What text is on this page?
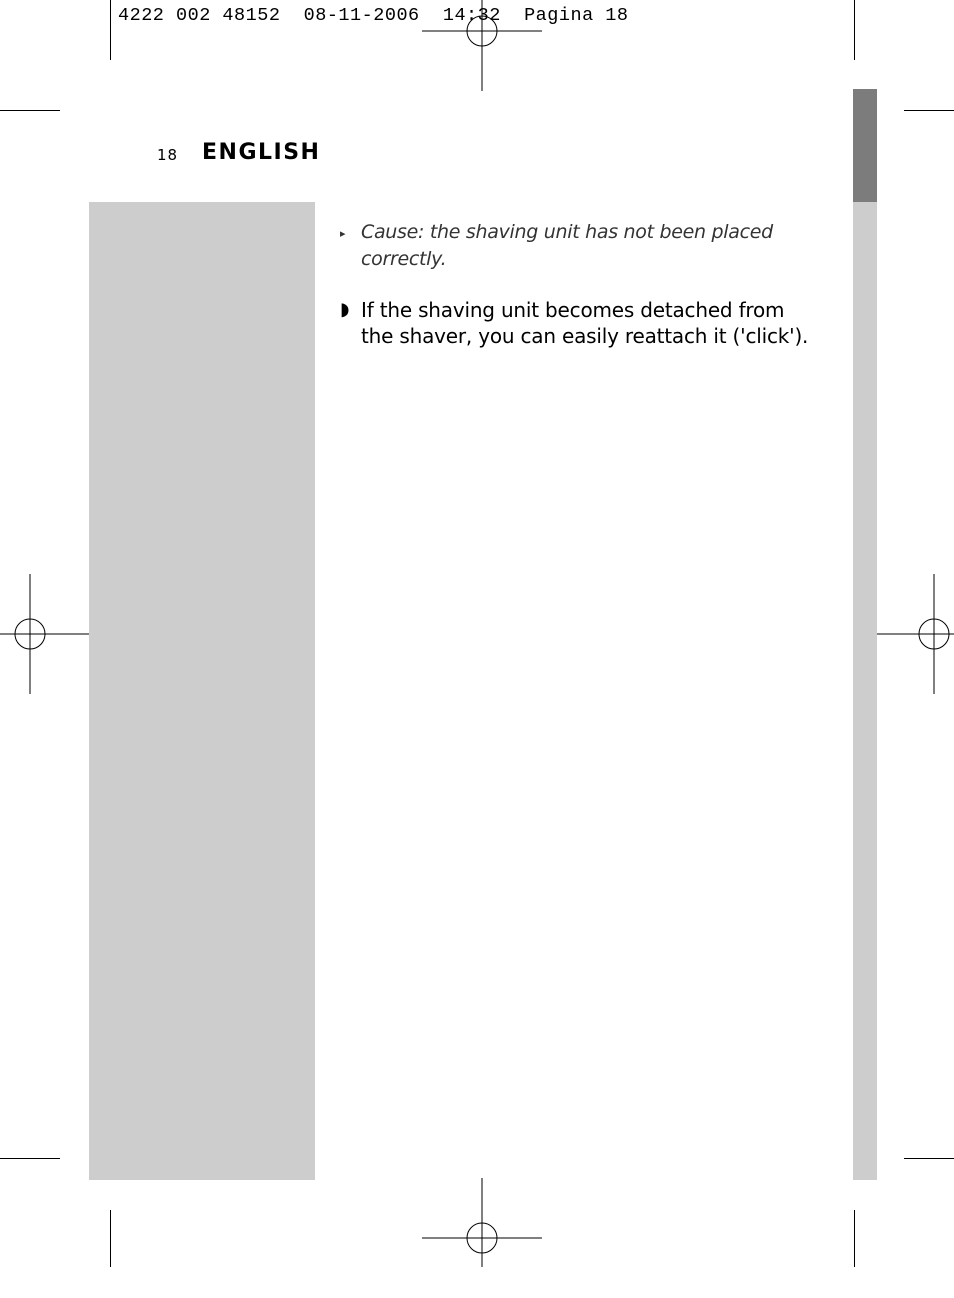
4222 002 48152  08-11-2006  14:32  Pagina 18
18 ENGLISH
▸ Cause: the shaving unit has not been placed correctly.
◗ If the shaving unit becomes detached from the shaver, you can easily reattach it ('click').
